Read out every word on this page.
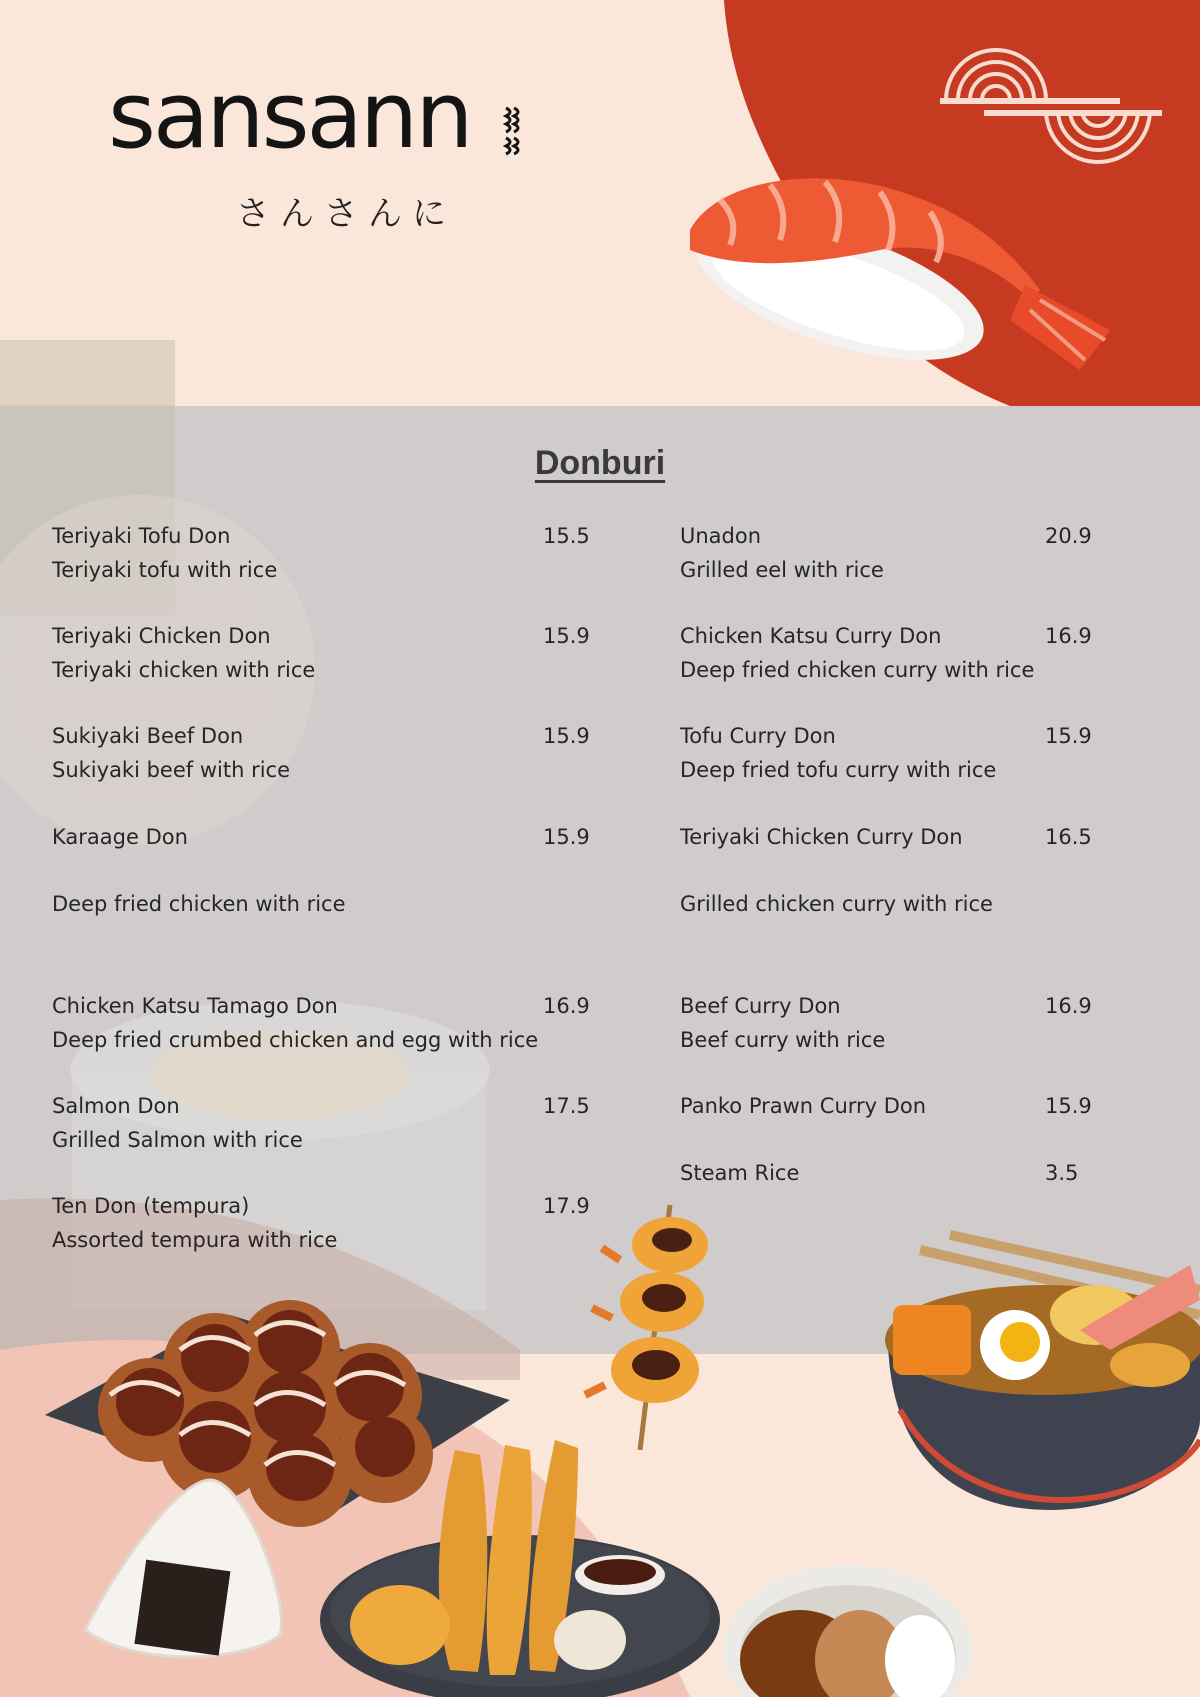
sansann
さんさんに
Donburi
Teriyaki Tofu Don
Teriyaki tofu with rice
15.5
Teriyaki Chicken Don
Teriyaki chicken with rice
15.9
Sukiyaki Beef Don
Sukiyaki beef with rice
15.9
Karaage Don
Deep fried chicken with rice
15.9
Chicken Katsu Tamago Don
Deep fried crumbed chicken and egg with rice
16.9
Salmon Don
Grilled Salmon with rice
17.5
Ten Don (tempura)
Assorted tempura with rice
17.9
Unadon
Grilled eel with rice
20.9
Chicken Katsu Curry Don
Deep fried chicken curry with rice
16.9
Tofu Curry Don
Deep fried tofu curry with rice
15.9
Teriyaki Chicken Curry Don
Grilled chicken curry with rice
16.5
Beef Curry Don
Beef curry with rice
16.9
Panko Prawn Curry Don	15.9
Steam Rice	3.5
